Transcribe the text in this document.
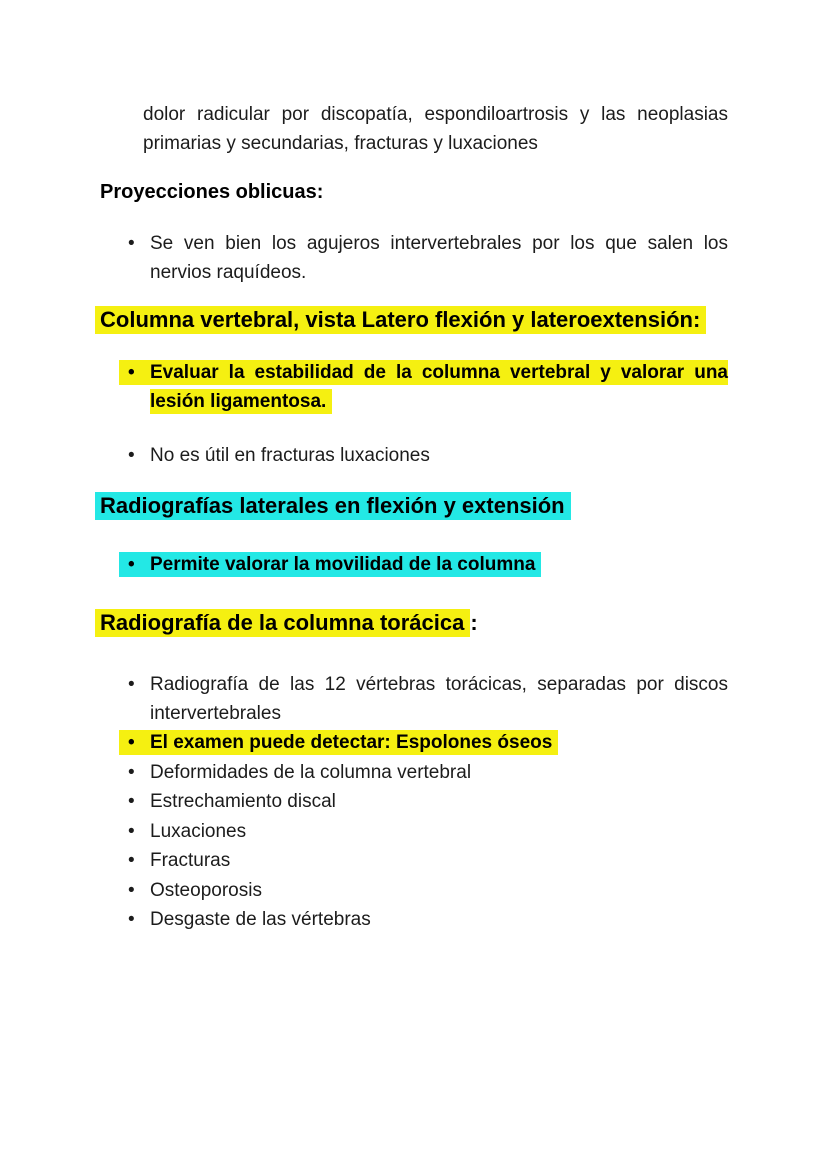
dolor radicular por discopatía, espondiloartrosis y las neoplasias primarias y secundarias, fracturas y luxaciones

Proyecciones oblicuas:
• Se ven bien los agujeros intervertebrales por los que salen los nervios raquídeos.
Columna vertebral, vista Latero flexión y lateroextensión:
• Evaluar la estabilidad de la columna vertebral y valorar una lesión ligamentosa.
• No es útil en fracturas luxaciones
Radiografías laterales en flexión y extensión
• Permite valorar la movilidad de la columna
Radiografía de la columna torácica :
• Radiografía de las 12 vértebras torácicas, separadas por discos intervertebrales
• El examen puede detectar: Espolones óseos
• Deformidades de la columna vertebral
• Estrechamiento discal
• Luxaciones
• Fracturas
• Osteoporosis
• Desgaste de las vértebras
